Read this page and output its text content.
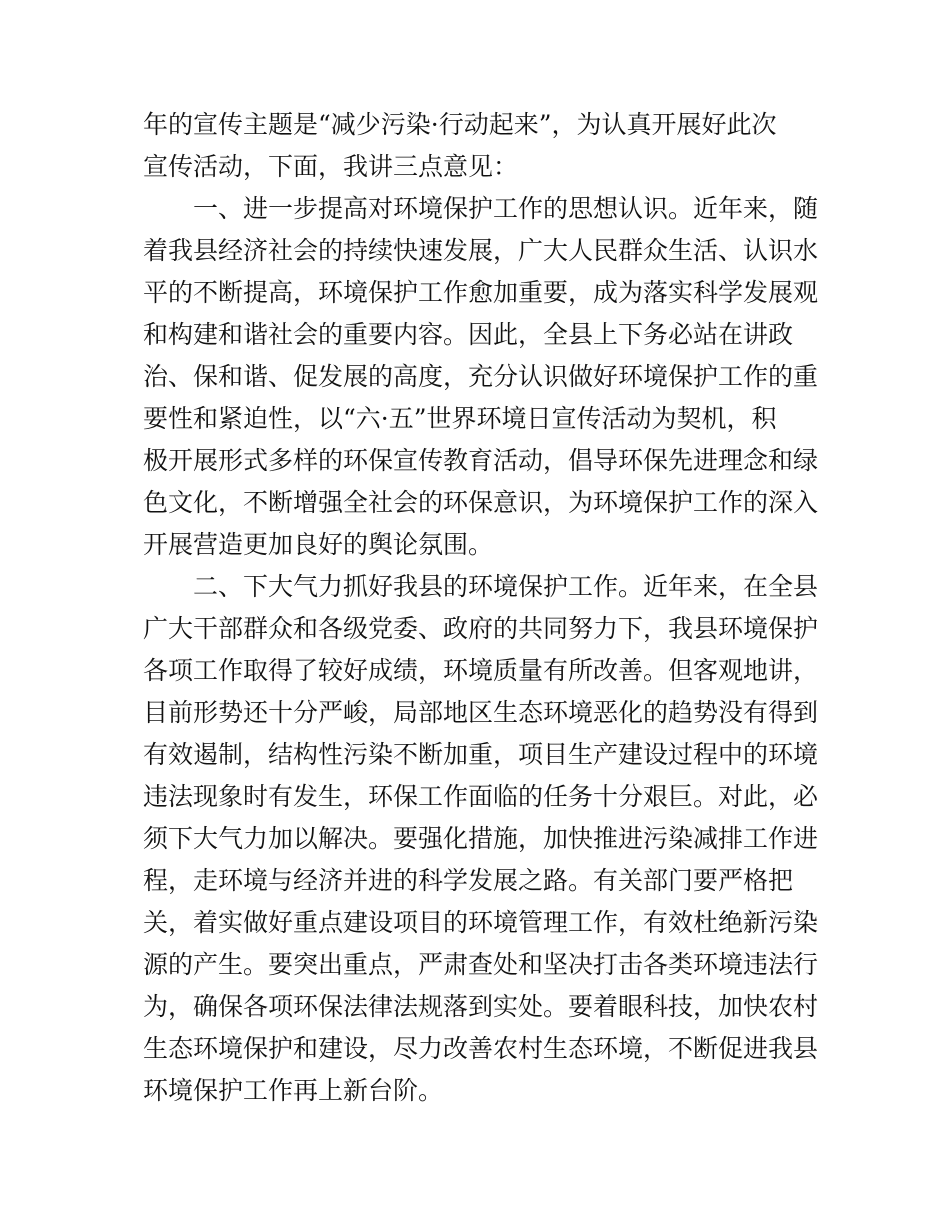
年的宣传主题是“减少污染·行动起来”，为认真开展好此次
宣传活动，下面，我讲三点意见：
　　一、进一步提高对环境保护工作的思想认识。近年来，随
着我县经济社会的持续快速发展，广大人民群众生活、认识水
平的不断提高，环境保护工作愈加重要，成为落实科学发展观
和构建和谐社会的重要内容。因此，全县上下务必站在讲政
治、保和谐、促发展的高度，充分认识做好环境保护工作的重
要性和紧迫性，以“六·五”世界环境日宣传活动为契机，积
极开展形式多样的环保宣传教育活动，倡导环保先进理念和绿
色文化，不断增强全社会的环保意识，为环境保护工作的深入
开展营造更加良好的舆论氛围。
　　二、下大气力抓好我县的环境保护工作。近年来，在全县
广大干部群众和各级党委、政府的共同努力下，我县环境保护
各项工作取得了较好成绩，环境质量有所改善。但客观地讲，
目前形势还十分严峻，局部地区生态环境恶化的趋势没有得到
有效遏制，结构性污染不断加重，项目生产建设过程中的环境
违法现象时有发生，环保工作面临的任务十分艰巨。对此，必
须下大气力加以解决。要强化措施，加快推进污染减排工作进
程，走环境与经济并进的科学发展之路。有关部门要严格把
关，着实做好重点建设项目的环境管理工作，有效杜绝新污染
源的产生。要突出重点，严肃查处和坚决打击各类环境违法行
为，确保各项环保法律法规落到实处。要着眼科技，加快农村
生态环境保护和建设，尽力改善农村生态环境，不断促进我县
环境保护工作再上新台阶。
